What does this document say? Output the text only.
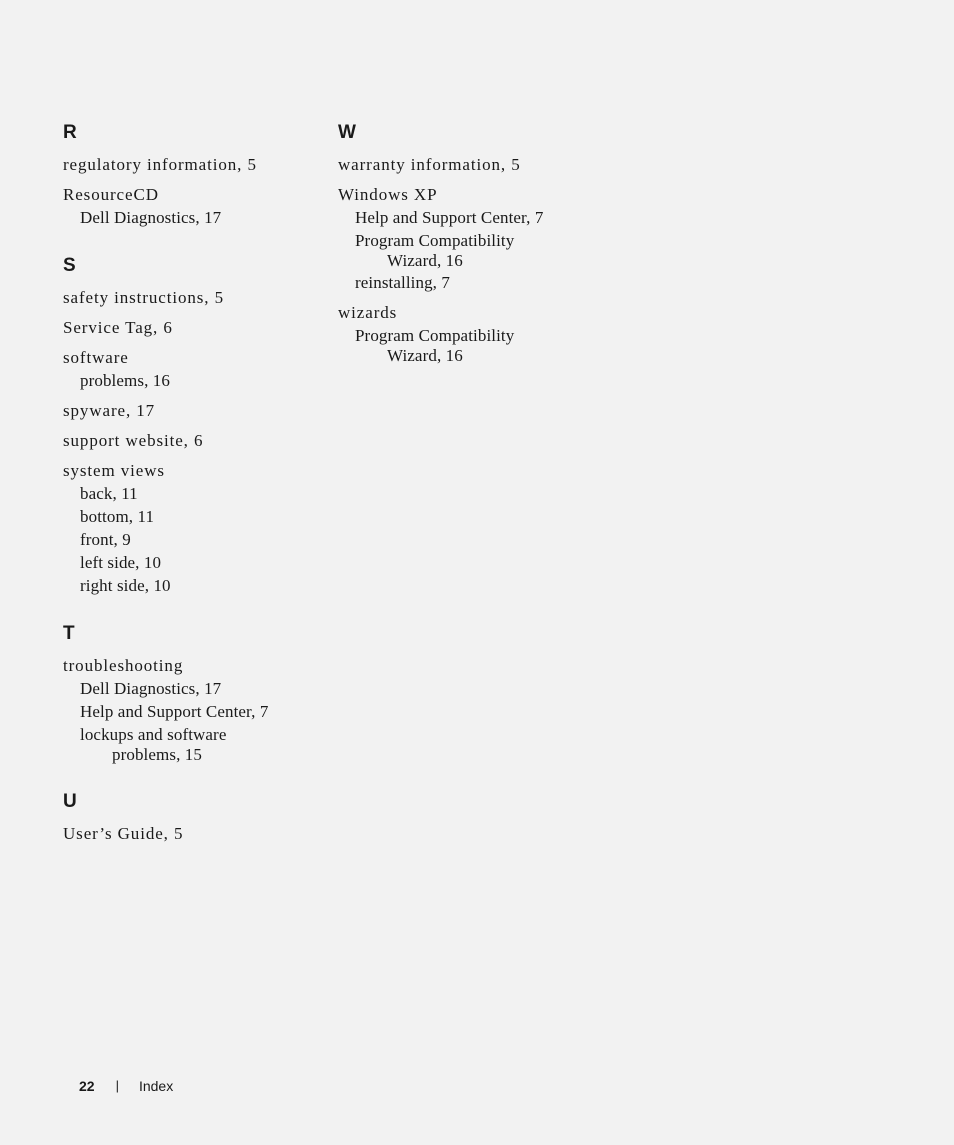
R
regulatory information, 5
ResourceCD
Dell Diagnostics, 17
S
safety instructions, 5
Service Tag, 6
software
problems, 16
spyware, 17
support website, 6
system views
back, 11
bottom, 11
front, 9
left side, 10
right side, 10
T
troubleshooting
Dell Diagnostics, 17
Help and Support Center, 7
lockups and software
problems, 15
U
User’s Guide, 5
W
warranty information, 5
Windows XP
Help and Support Center, 7
Program Compatibility
Wizard, 16
reinstalling, 7
wizards
Program Compatibility
Wizard, 16
22 | Index
